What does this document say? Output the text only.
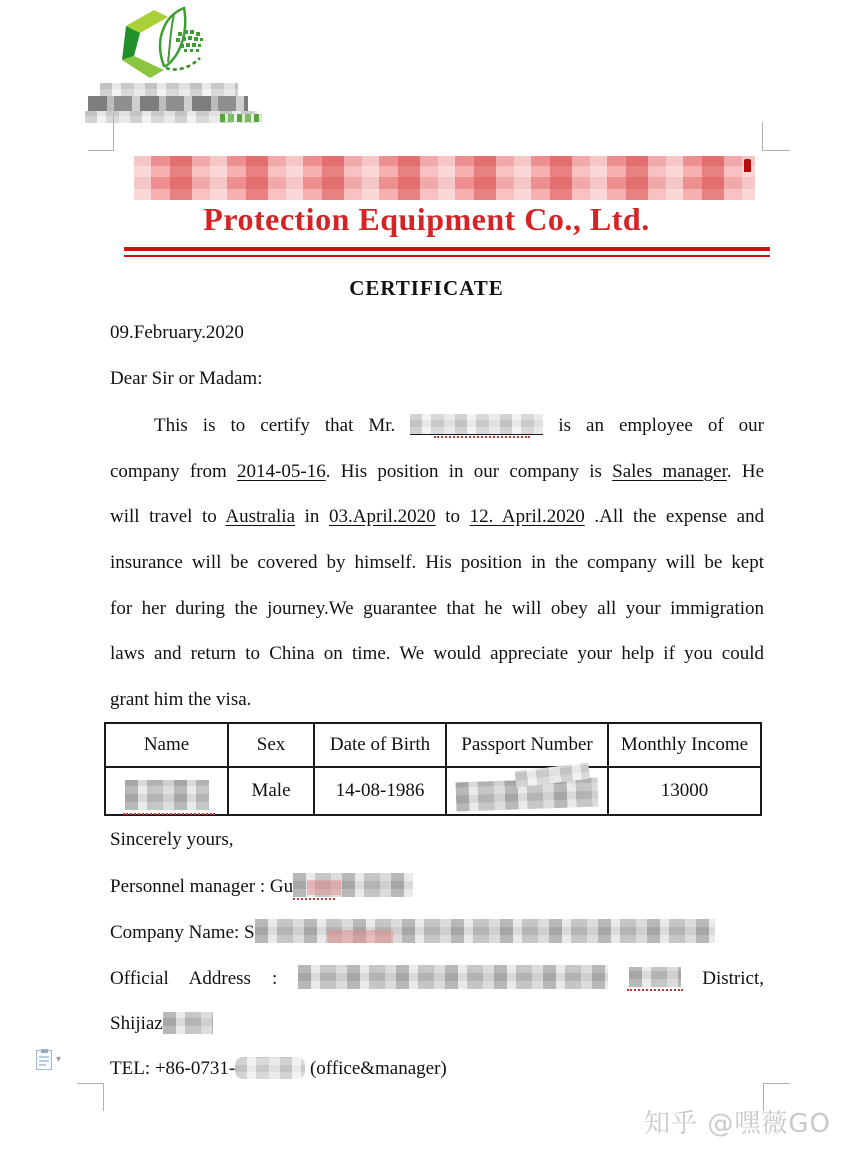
Protection Equipment Co., Ltd.
CERTIFICATE
09.February.2020
Dear Sir or Madam:
This is to certify that Mr.	is an employee of our
company from 2014-05-16. His position in our company is Sales manager. He
will travel to Australia in 03.April.2020 to 12. April.2020 .All the expense and
insurance will be covered by himself. His position in the company will be kept
for her during the journey.We guarantee that he will obey all your immigration
laws and return to China on time. We would appreciate your help if you could
grant him the visa.
Name	Sex	Date of Birth	Passport Number	Monthly Income

	Male	14-08-1986		13000
Sincerely yours,
Personnel manager : Gu
Company Name: S
Official Address :	District,
Shijiaz
TEL: +86-0731-	(office&manager)
▾
知乎 @嘿薇GO
